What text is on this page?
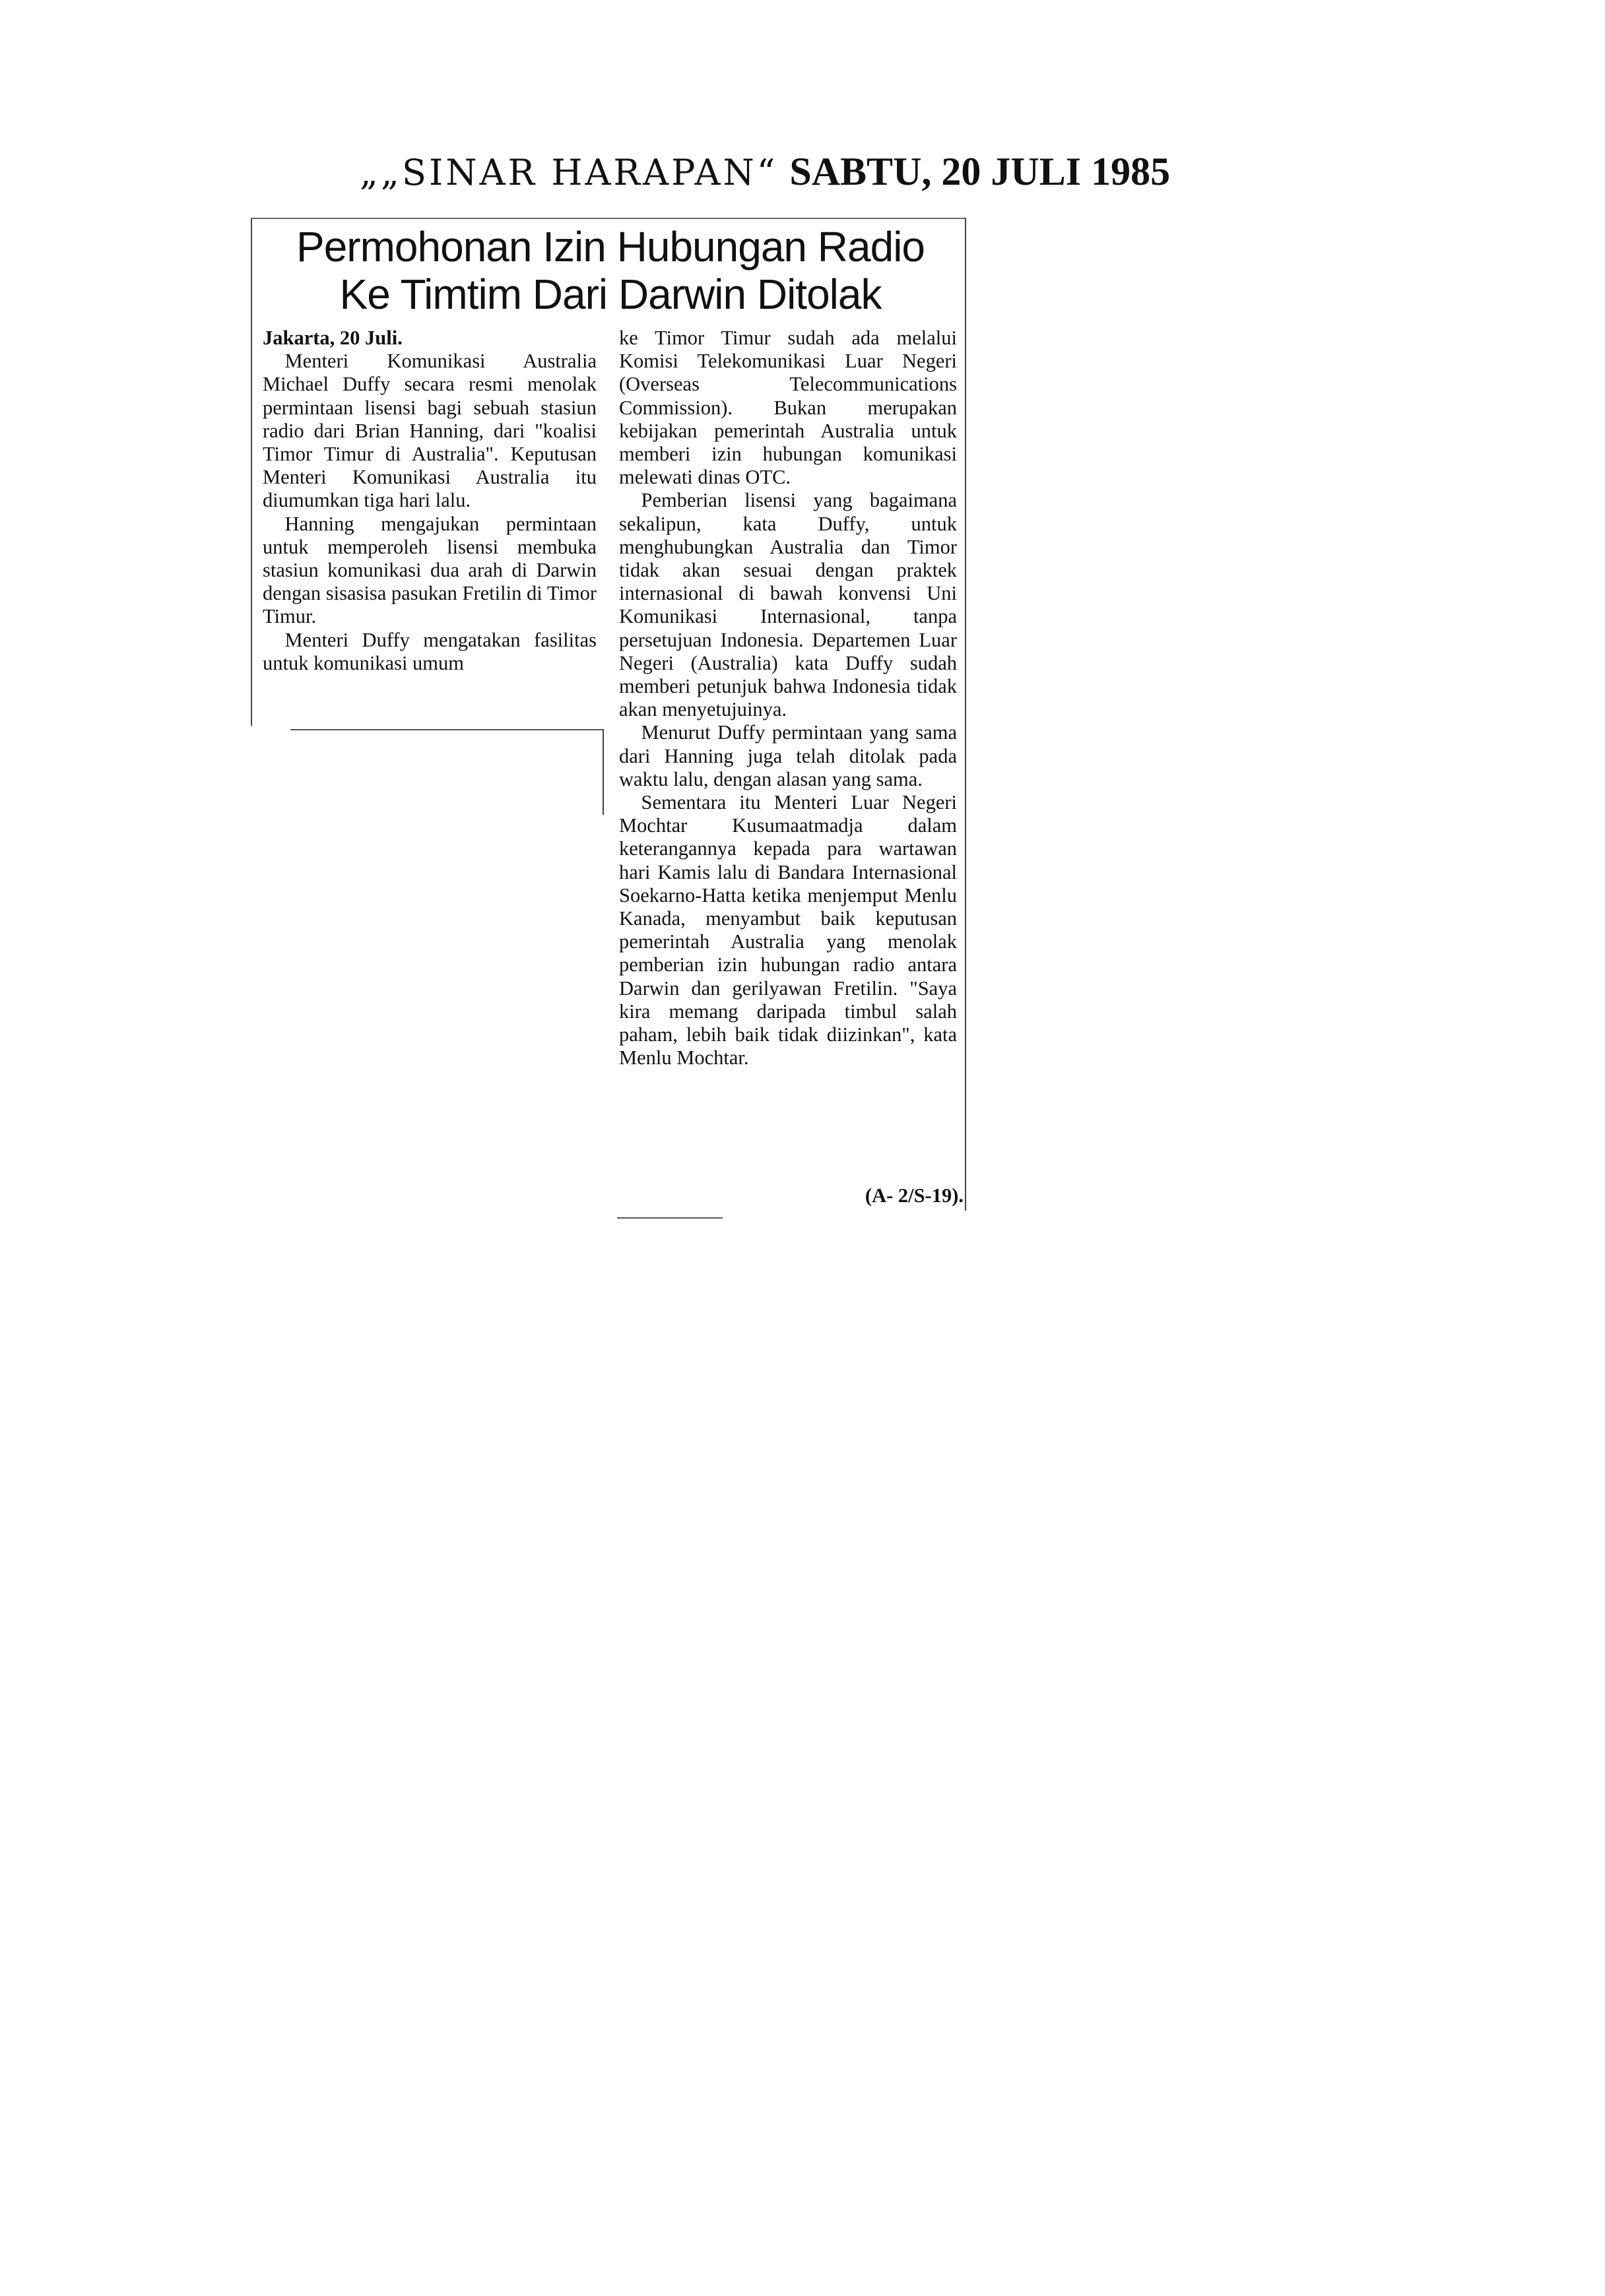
„„SINAR HARAPAN“ SABTU, 20 JULI 1985
Permohonan Izin Hubungan Radio
Ke Timtim Dari Darwin Ditolak
Jakarta, 20 Juli.

Menteri Komunikasi Australia Michael Duffy secara resmi menolak permintaan lisensi bagi sebuah stasiun radio dari Brian Hanning, dari "koalisi Timor Timur di Australia". Keputusan Menteri Komunikasi Australia itu diumumkan tiga hari lalu.

Hanning mengajukan permintaan untuk memperoleh lisensi membuka stasiun komunikasi dua arah di Darwin dengan sisasisa pasukan Fretilin di Timor Timur.

Menteri Duffy mengatakan fasilitas untuk komunikasi umum

ke Timor Timur sudah ada melalui Komisi Telekomunikasi Luar Negeri (Overseas Telecommunications Commission). Bukan merupakan kebijakan pemerintah Australia untuk memberi izin hubungan komunikasi melewati dinas OTC.

Pemberian lisensi yang bagaimana sekalipun, kata Duffy, untuk menghubungkan Australia dan Timor tidak akan sesuai dengan praktek internasional di bawah konvensi Uni Komunikasi Internasional, tanpa persetujuan Indonesia. Departemen Luar Negeri (Australia) kata Duffy sudah memberi petunjuk bahwa Indonesia tidak akan menyetujuinya.

Menurut Duffy permintaan yang sama dari Hanning juga telah ditolak pada waktu lalu, dengan alasan yang sama.

Sementara itu Menteri Luar Negeri Mochtar Kusumaatmadja dalam keterangannya kepada para wartawan hari Kamis lalu di Bandara Internasional Soekarno-Hatta ketika menjemput Menlu Kanada, menyambut baik keputusan pemerintah Australia yang menolak pemberian izin hubungan radio antara Darwin dan gerilyawan Fretilin. "Saya kira memang daripada timbul salah paham, lebih baik tidak diizinkan", kata Menlu Mochtar.

(A- 2/S-19).
